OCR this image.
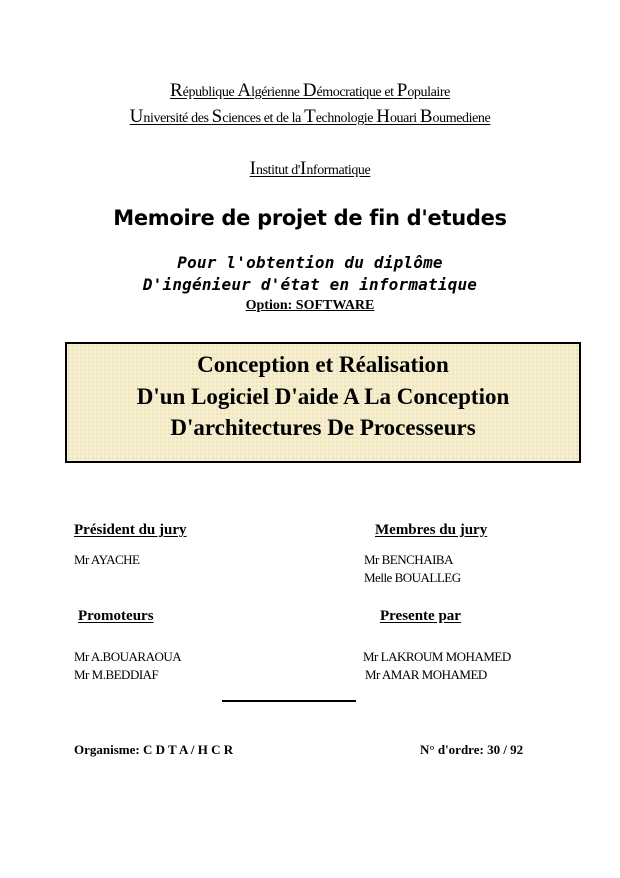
République Algérienne Démocratique et Populaire
Université des Sciences et de la Technologie Houari Boumediene
Institut d'Informatique
Memoire de projet de fin d'etudes
Pour l'obtention du diplôme
D'ingénieur d'état en informatique
Option: SOFTWARE
Conception et Réalisation
D'un Logiciel D'aide A La Conception
D'architectures De Processeurs
Président du jury
Mr AYACHE
Membres du jury
Mr BENCHAIBA
Melle BOUALLEG
Promoteurs
Mr A.BOUARAOUA
Mr M.BEDDIAF
Presente par
Mr LAKROUM MOHAMED
Mr AMAR MOHAMED
Organisme: C D T A / H C R	N° d'ordre: 30 / 92
